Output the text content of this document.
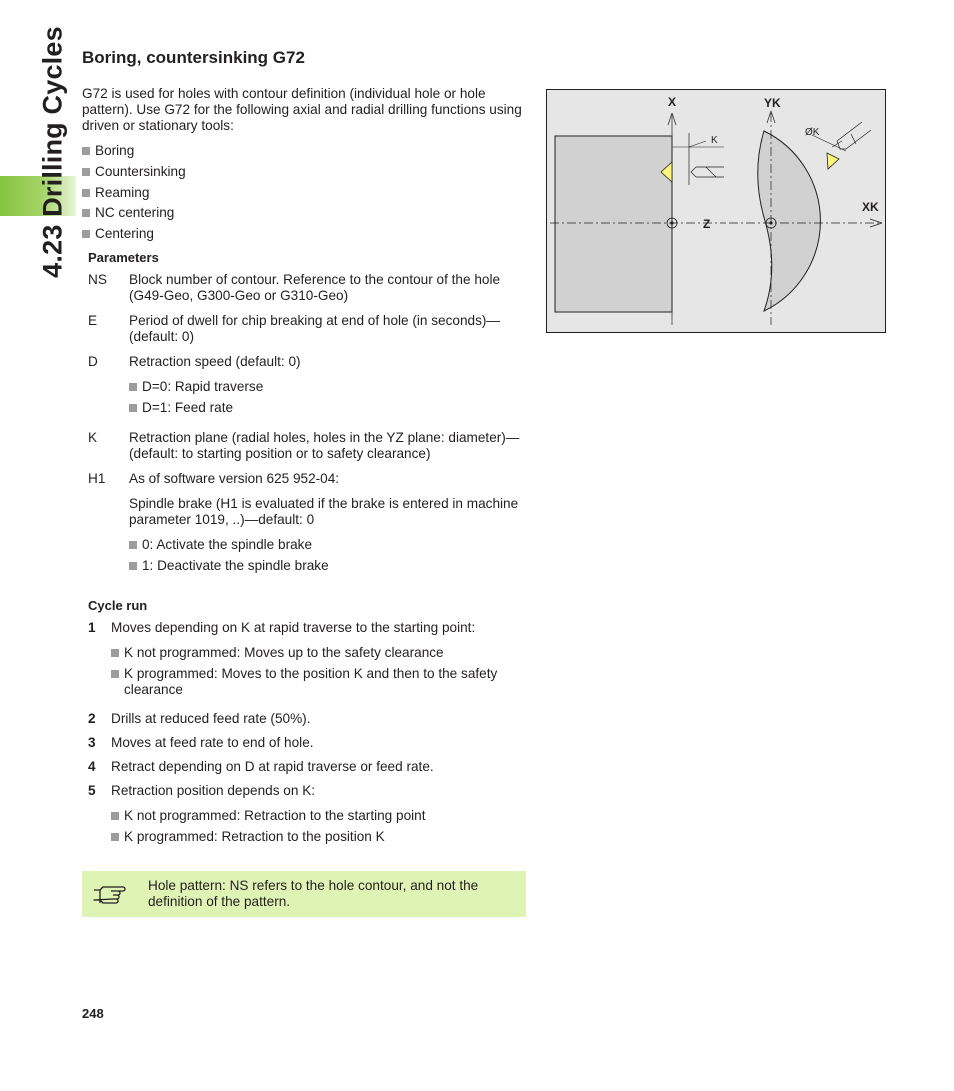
4.23 Drilling Cycles Boring, countersinking G72

G72 is used for holes with contour definition (individual hole or hole pattern). Use G72 for the following axial and radial drilling functions using driven or stationary tools:

Boring
Countersinking
Reaming
NC centering
Centering
Parameters
NS	Block number of contour. Reference to the contour of the hole (G49-Geo, G300-Geo or G310-Geo)

E	Period of dwell for chip breaking at end of hole (in seconds)—(default: 0)

D	Retraction speed (default: 0)

D=0: Rapid traverse
D=1: Feed rate
K	Retraction plane (radial holes, holes in the YZ plane: diameter)—(default: to starting position or to safety clearance)

H1	As of software version 625 952-04:

Spindle brake (H1 is evaluated if the brake is entered in machine parameter 1019, ..)—default: 0

0: Activate the spindle brake
1: Deactivate the spindle brake
Cycle run
1	Moves depending on K at rapid traverse to the starting point:
K not programmed: Moves up to the safety clearance
K programmed: Moves to the position K and then to the safety clearance
2	Drills at reduced feed rate (50%).
3	Moves at feed rate to end of hole.
4	Retract depending on D at rapid traverse or feed rate.
5	Retraction position depends on K:
K not programmed: Retraction to the starting point
K programmed: Retraction to the position K
Hole pattern: NS refers to the hole contour, and not the definition of the pattern.
248
X	YK
XK
Z
K
ØK
